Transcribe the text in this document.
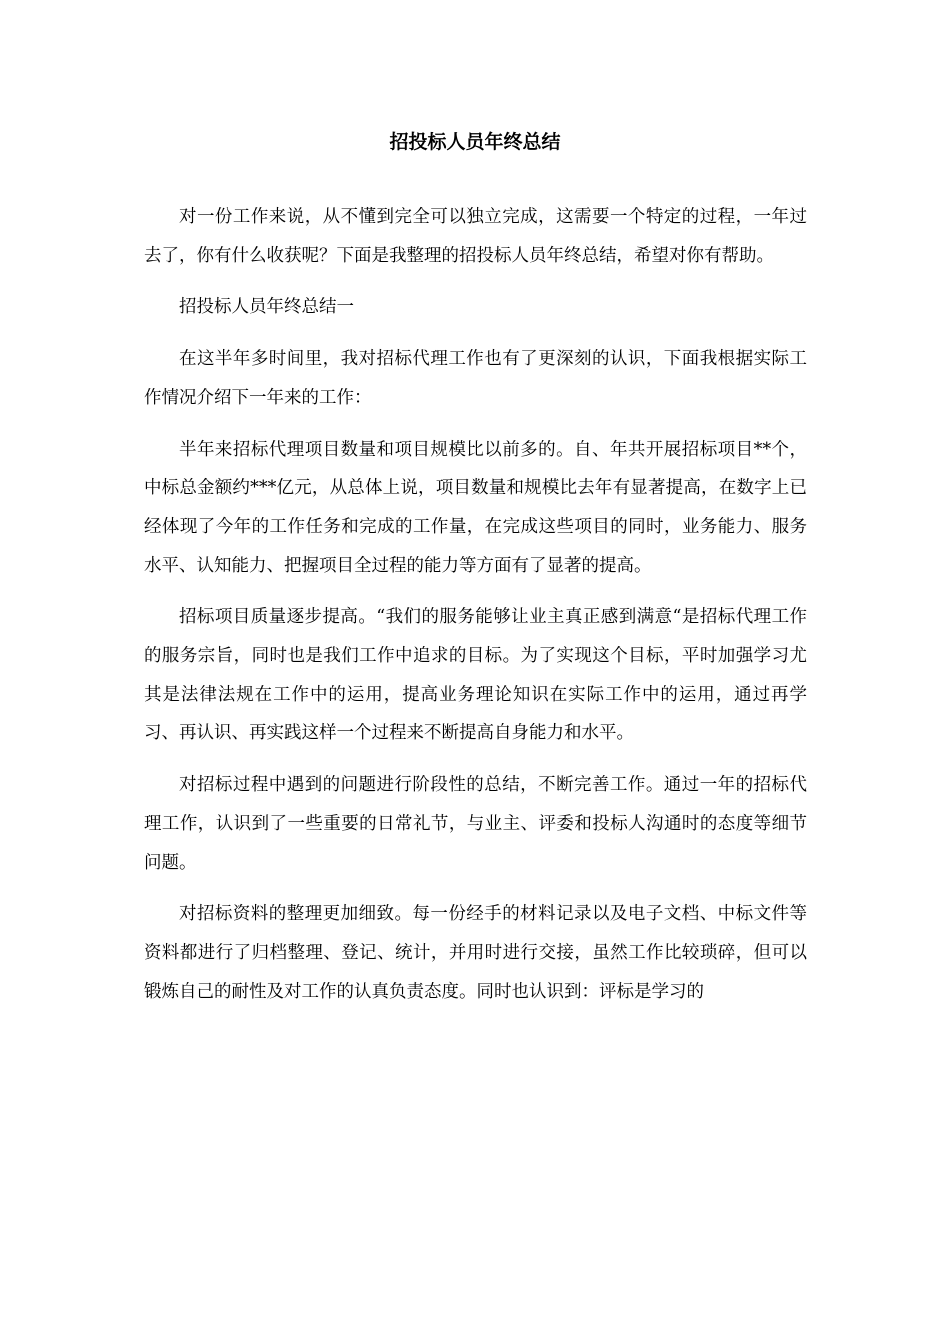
招投标人员年终总结

对一份工作来说，从不懂到完全可以独立完成，这需要一个特定的过程，一年过去了，你有什么收获呢？下面是我整理的招投标人员年终总结，希望对你有帮助。

招投标人员年终总结一

在这半年多时间里，我对招标代理工作也有了更深刻的认识，下面我根据实际工作情况介绍下一年来的工作：

半年来招标代理项目数量和项目规模比以前多的。自、年共开展招标项目**个，中标总金额约***亿元，从总体上说，项目数量和规模比去年有显著提高，在数字上已经体现了今年的工作任务和完成的工作量，在完成这些项目的同时，业务能力、服务水平、认知能力、把握项目全过程的能力等方面有了显著的提高。

招标项目质量逐步提高。“我们的服务能够让业主真正感到满意“是招标代理工作的服务宗旨，同时也是我们工作中追求的目标。为了实现这个目标，平时加强学习尤其是法律法规在工作中的运用，提高业务理论知识在实际工作中的运用，通过再学习、再认识、再实践这样一个过程来不断提高自身能力和水平。

对招标过程中遇到的问题进行阶段性的总结，不断完善工作。通过一年的招标代理工作，认识到了一些重要的日常礼节，与业主、评委和投标人沟通时的态度等细节问题。

对招标资料的整理更加细致。每一份经手的材料记录以及电子文档、中标文件等资料都进行了归档整理、登记、统计，并用时进行交接，虽然工作比较琐碎，但可以锻炼自己的耐性及对工作的认真负责态度。同时也认识到：评标是学习的
